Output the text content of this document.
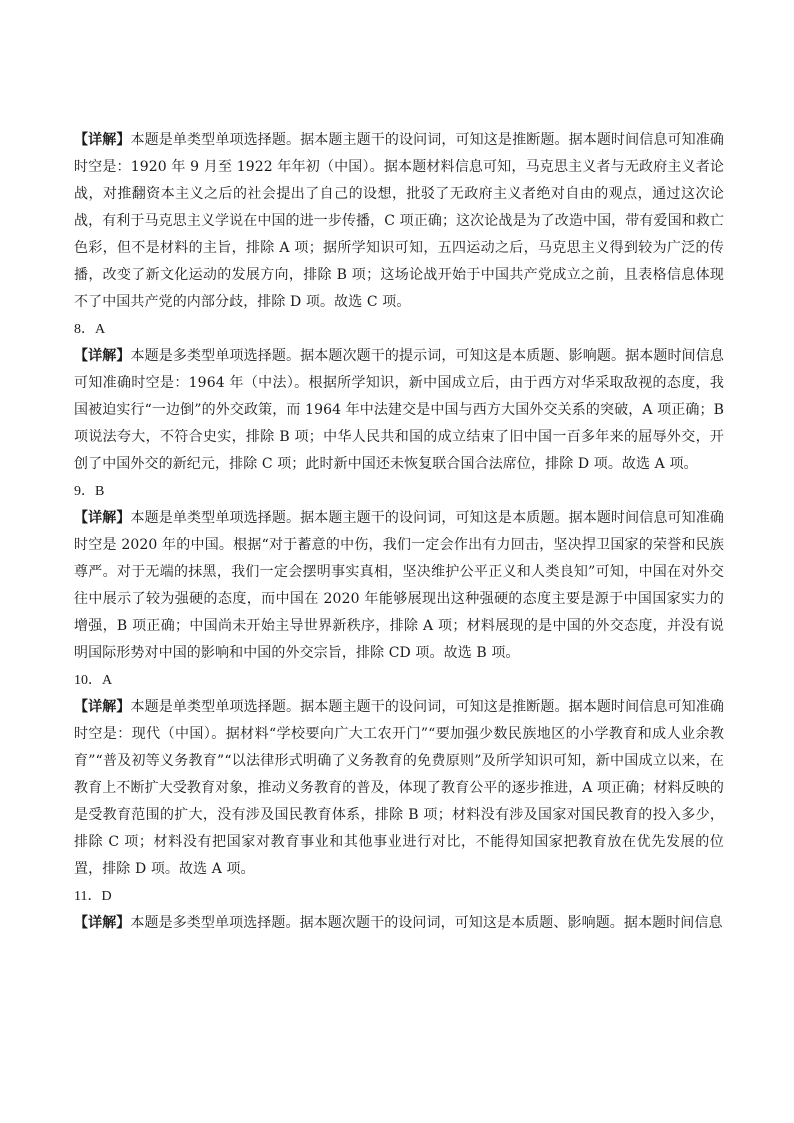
【详解】本题是单类型单项选择题。据本题主题干的设问词，可知这是推断题。据本题时间信息可知准确时空是：1920 年 9 月至 1922 年年初（中国）。据本题材料信息可知，马克思主义者与无政府主义者论战，对推翻资本主义之后的社会提出了自己的设想，批驳了无政府主义者绝对自由的观点，通过这次论战，有利于马克思主义学说在中国的进一步传播，C 项正确；这次论战是为了改造中国，带有爱国和救亡色彩，但不是材料的主旨，排除 A 项；据所学知识可知，五四运动之后，马克思主义得到较为广泛的传播，改变了新文化运动的发展方向，排除 B 项；这场论战开始于中国共产党成立之前，且表格信息体现不了中国共产党的内部分歧，排除 D 项。故选 C 项。

8．A

【详解】本题是多类型单项选择题。据本题次题干的提示词，可知这是本质题、影响题。据本题时间信息可知准确时空是：1964 年（中法）。根据所学知识，新中国成立后，由于西方对华采取敌视的态度，我国被迫实行“一边倒”的外交政策，而 1964 年中法建交是中国与西方大国外交关系的突破，A 项正确；B 项说法夸大，不符合史实，排除 B 项；中华人民共和国的成立结束了旧中国一百多年来的屈辱外交，开创了中国外交的新纪元，排除 C 项；此时新中国还未恢复联合国合法席位，排除 D 项。故选 A 项。

9．B

【详解】本题是单类型单项选择题。据本题主题干的设问词，可知这是本质题。据本题时间信息可知准确时空是 2020 年的中国。根据“对于蓄意的中伤，我们一定会作出有力回击，坚决捍卫国家的荣誉和民族尊严。对于无端的抹黑，我们一定会摆明事实真相，坚决维护公平正义和人类良知”可知，中国在对外交往中展示了较为强硬的态度，而中国在 2020 年能够展现出这种强硬的态度主要是源于中国国家实力的增强，B 项正确；中国尚未开始主导世界新秩序，排除 A 项；材料展现的是中国的外交态度，并没有说明国际形势对中国的影响和中国的外交宗旨，排除 CD 项。故选 B 项。

10．A

【详解】本题是单类型单项选择题。据本题主题干的设问词，可知这是推断题。据本题时间信息可知准确时空是：现代（中国）。据材料“学校要向广大工农开门”“要加强少数民族地区的小学教育和成人业余教育”“普及初等义务教育”“以法律形式明确了义务教育的免费原则”及所学知识可知，新中国成立以来，在教育上不断扩大受教育对象，推动义务教育的普及，体现了教育公平的逐步推进，A 项正确；材料反映的是受教育范围的扩大，没有涉及国民教育体系，排除 B 项；材料没有涉及国家对国民教育的投入多少，排除 C 项；材料没有把国家对教育事业和其他事业进行对比，不能得知国家把教育放在优先发展的位置，排除 D 项。故选 A 项。

11．D

【详解】本题是多类型单项选择题。据本题次题干的设问词，可知这是本质题、影响题。据本题时间信息
